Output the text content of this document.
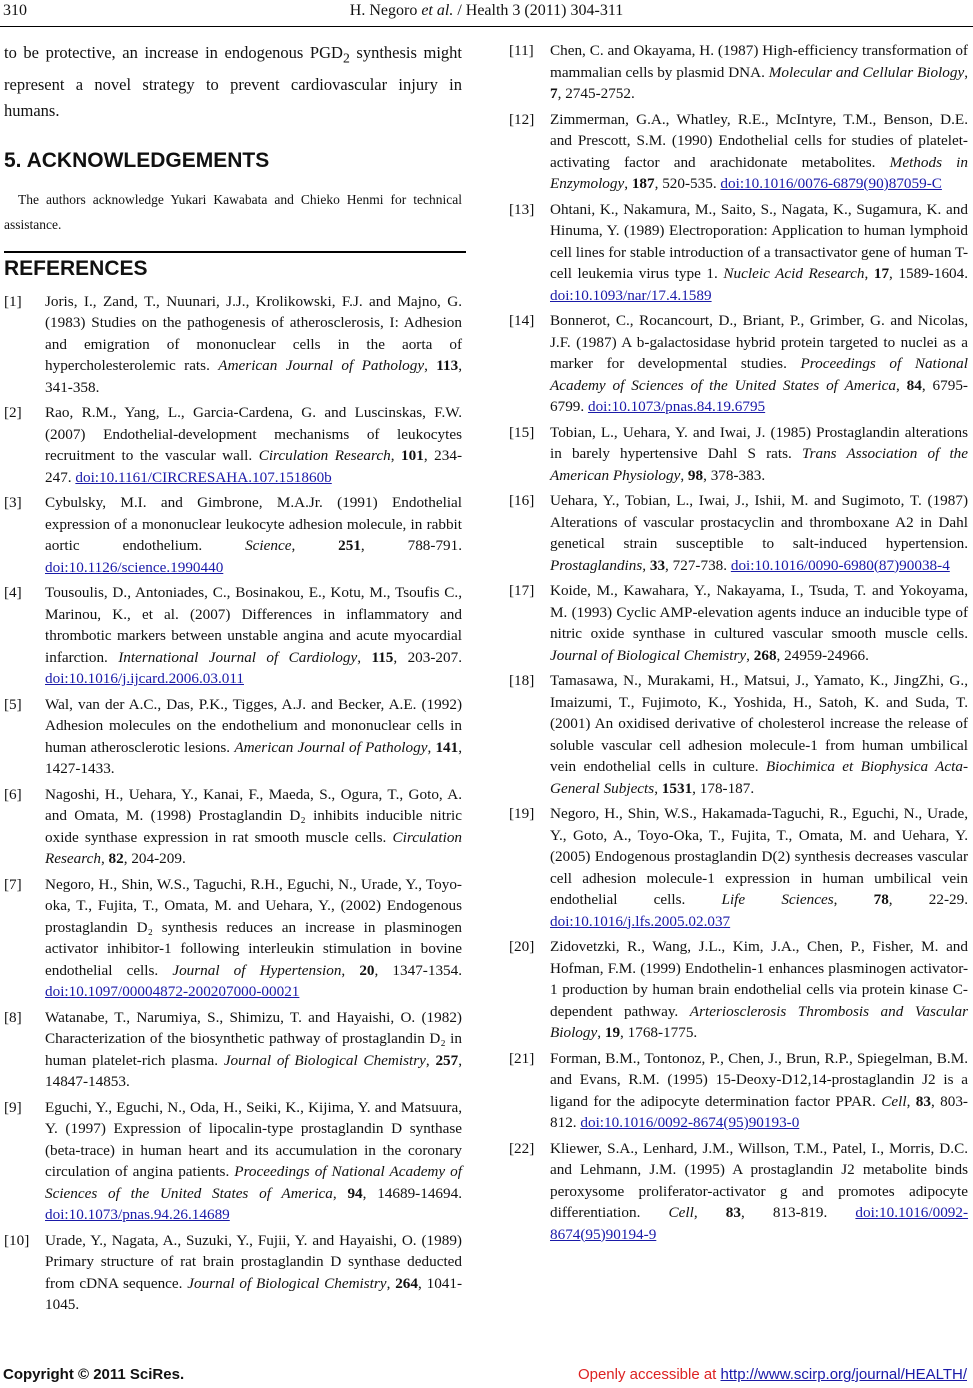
310	H. Negoro et al. / Health 3 (2011) 304-311

to be protective, an increase in endogenous $PGD_2$ synthesis might represent a novel strategy to prevent cardiovascular injury in humans.

5. ACKNOWLEDGEMENTS

The authors acknowledge Yukari Kawabata and Chieko Henmi for technical assistance.

REFERENCES
[1]	Joris, I., Zand, T., Nuunari, J.J., Krolikowski, F.J. and Majno, G. (1983) Studies on the pathogenesis of atherosclerosis, I: Adhesion and emigration of mononuclear cells in the aorta of hypercholesterolemic rats. American Journal of Pathology, 113, 341-358.
[2]	Rao, R.M., Yang, L., Garcia-Cardena, G. and Luscinskas, F.W. (2007) Endothelial-development mechanisms of leukocytes recruitment to the vascular wall. Circulation Research, 101, 234-247. doi:10.1161/CIRCRESAHA.107.151860b
[3]	Cybulsky, M.I. and Gimbrone, M.A.Jr. (1991) Endothelial expression of a mononuclear leukocyte adhesion molecule, in rabbit aortic endothelium.	Science, 251, 788-791. doi:10.1126/science.1990440
[4]	Tousoulis, D., Antoniades, C., Bosinakou, E., Kotu, M., Tsoufis C., Marinou, K., et al. (2007) Differences in inflammatory and thrombotic markers between unstable angina and acute myocardial infarction. International Journal of Cardiology, 115, 203-207. doi:10.1016/j.ijcard.2006.03.011
[5]	Wal, van der A.C., Das, P.K., Tigges, A.J. and Becker, A.E. (1992) Adhesion molecules on the endothelium and mononuclear cells in human atherosclerotic lesions. American Journal of Pathology, 141, 1427-1433.
[6]	Nagoshi, H., Uehara, Y., Kanai, F., Maeda, S., Ogura, T., Goto, A. and Omata, M. (1998) Prostaglandin D₂ inhibits inducible nitric oxide synthase expression in rat smooth muscle cells. Circulation Research, 82, 204-209.
[7]	Negoro, H., Shin, W.S., Taguchi, R.H., Eguchi, N., Urade, Y., Toyo-oka, T., Fujita, T., Omata, M. and Uehara, Y., (2002) Endogenous prostaglandin D₂ synthesis reduces an increase in plasminogen activator inhibitor-1 following interleukin stimulation in bovine endothelial cells. Journal of Hypertension, 20, 1347-1354. doi:10.1097/00004872-200207000-00021
[8]	Watanabe, T., Narumiya, S., Shimizu, T. and Hayaishi, O. (1982) Characterization of the biosynthetic pathway of prostaglandin D₂ in human platelet-rich plasma. Journal of Biological Chemistry, 257, 14847-14853.
[9]	Eguchi, Y., Eguchi, N., Oda, H., Seiki, K., Kijima, Y. and Matsuura, Y. (1997) Expression of lipocalin-type prostaglandin D synthase (beta-trace) in human heart and its accumulation in the coronary circulation of angina patients. Proceedings of National Academy of Sciences of the United States of America, 94, 14689-14694. doi:10.1073/pnas.94.26.14689
[10]	Urade, Y., Nagata, A., Suzuki, Y., Fujii, Y. and Hayaishi, O. (1989) Primary structure of rat brain prostaglandin D synthase deducted from cDNA sequence. Journal of Biological Chemistry, 264, 1041-1045.
[11]	Chen, C. and Okayama, H. (1987) High-efficiency transformation of mammalian cells by plasmid DNA. Molecular and Cellular Biology, 7, 2745-2752.
[12]	Zimmerman, G.A., Whatley, R.E., McIntyre, T.M., Benson, D.E. and Prescott, S.M. (1990) Endothelial cells for studies of platelet-activating factor and arachidonate metabolites. Methods in Enzymology, 187, 520-535. doi:10.1016/0076-6879(90)87059-C
[13]	Ohtani, K., Nakamura, M., Saito, S., Nagata, K., Sugamura, K. and Hinuma, Y. (1989) Electroporation: Application to human lymphoid cell lines for stable introduction of a transactivator gene of human T-cell leukemia virus type 1. Nucleic Acid Research, 17, 1589-1604. doi:10.1093/nar/17.4.1589
[14]	Bonnerot, C., Rocancourt, D., Briant, P., Grimber, G. and Nicolas, J.F. (1987) A b-galactosidase hybrid protein targeted to nuclei as a marker for developmental studies. Proceedings of National Academy of Sciences of the United States of America, 84, 6795-6799. doi:10.1073/pnas.84.19.6795
[15]	Tobian, L., Uehara, Y. and Iwai, J. (1985) Prostaglandin alterations in barely hypertensive Dahl S rats. Trans Association of the American Physiology, 98, 378-383.
[16]	Uehara, Y., Tobian, L., Iwai, J., Ishii, M. and Sugimoto, T. (1987) Alterations of vascular prostacyclin and thromboxane A2 in Dahl genetical strain susceptible to salt-induced hypertension. Prostaglandins, 33, 727-738. doi:10.1016/0090-6980(87)90038-4
[17]	Koide, M., Kawahara, Y., Nakayama, I., Tsuda, T. and Yokoyama, M. (1993) Cyclic AMP-elevation agents induce an inducible type of nitric oxide synthase in cultured vascular smooth muscle cells. Journal of Biological Chemistry, 268, 24959-24966.
[18]	Tamasawa, N., Murakami, H., Matsui, J., Yamato, K., JingZhi, G., Imaizumi, T., Fujimoto, K., Yoshida, H., Satoh, K. and Suda, T. (2001) An oxidised derivative of cholesterol increase the release of soluble vascular cell adhesion molecule-1 from human umbilical vein endothelial cells in culture. Biochimica et Biophysica Acta-General Subjects, 1531, 178-187.
[19]	Negoro, H., Shin, W.S., Hakamada-Taguchi, R., Eguchi, N., Urade, Y., Goto, A., Toyo-Oka, T., Fujita, T., Omata, M. and Uehara, Y. (2005) Endogenous prostaglandin D(2) synthesis decreases vascular cell adhesion molecule-1 expression in human umbilical vein endothelial cells. Life Sciences, 78, 22-29. doi:10.1016/j.lfs.2005.02.037
[20]	Zidovetzki, R., Wang, J.L., Kim, J.A., Chen, P., Fisher, M. and Hofman, F.M. (1999) Endothelin-1 enhances plasminogen activator-1 production by human brain endothelial cells via protein kinase C-dependent pathway. Arteriosclerosis Thrombosis and Vascular Biology, 19, 1768-1775.
[21]	Forman, B.M., Tontonoz, P., Chen, J., Brun, R.P., Spiegelman, B.M. and Evans, R.M. (1995) 15-Deoxy-D12,14-prostaglandin J2 is a ligand for the adipocyte determination factor PPAR. Cell, 83, 803-812. doi:10.1016/0092-8674(95)90193-0
[22]	Kliewer, S.A., Lenhard, J.M., Willson, T.M., Patel, I., Morris, D.C. and Lehmann, J.M. (1995) A prostaglandin J2 metabolite binds peroxysome proliferator-activator g and promotes adipocyte differentiation. Cell, 83, 813-819. doi:10.1016/0092-8674(95)90194-9
Copyright © 2011 SciRes.	Openly accessible at http://www.scirp.org/journal/HEALTH/
